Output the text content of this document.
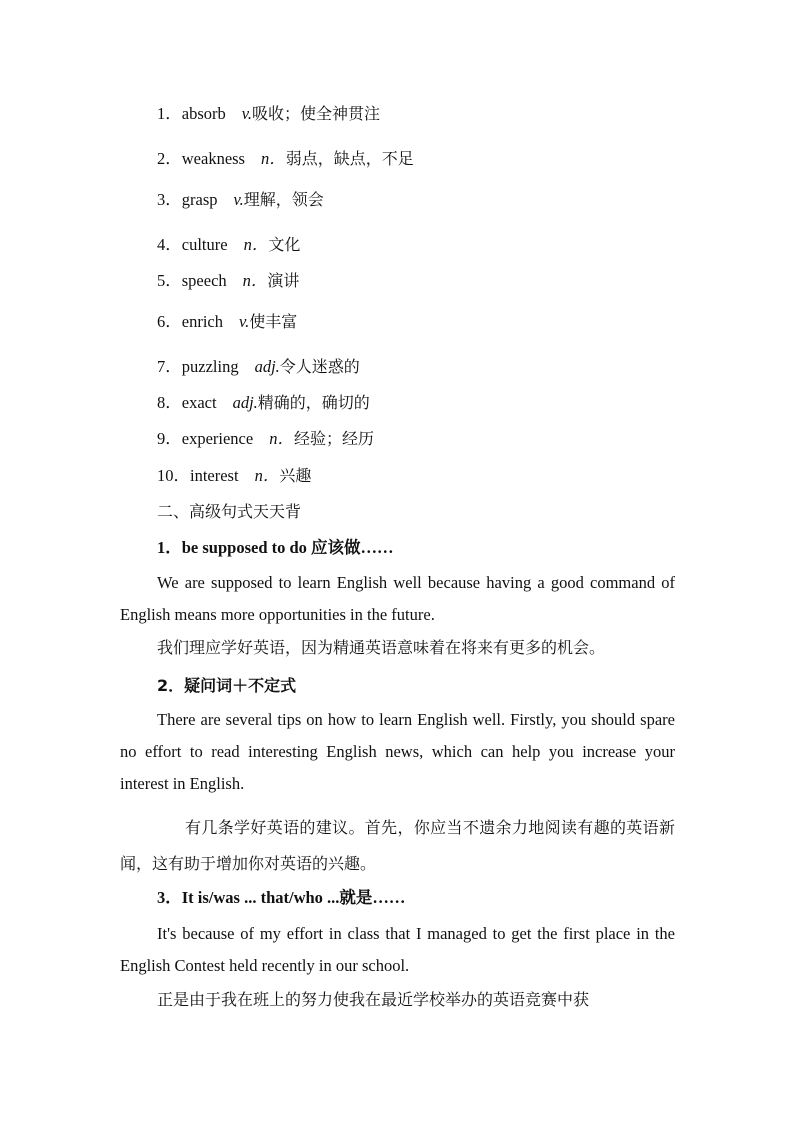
1．absorb v.吸收；使全神贯注
2．weakness n．弱点，缺点，不足
3．grasp v.理解，领会
4．culture n．文化
5．speech n．演讲
6．enrich v.使丰富
7．puzzling adj.令人迷惑的
8．exact adj.精确的，确切的
9．experience n．经验；经历
10．interest n．兴趣
二、高级句式天天背
1．be supposed to do 应该做……
We are supposed to learn English well because having a good command of English means more opportunities in the future.
我们理应学好英语，因为精通英语意味着在将来有更多的机会。
2．疑问词＋不定式
There are several tips on how to learn English well. Firstly, you should spare no effort to read interesting English news, which can help you increase your interest in English.
有几条学好英语的建议。首先，你应当不遗余力地阅读有趣的英语新闻，这有助于增加你对英语的兴趣。
3．It is/was ... that/who ...就是……
It's because of my effort in class that I managed to get the first place in the English Contest held recently in our school.
正是由于我在班上的努力使我在最近学校举办的英语竞赛中获
